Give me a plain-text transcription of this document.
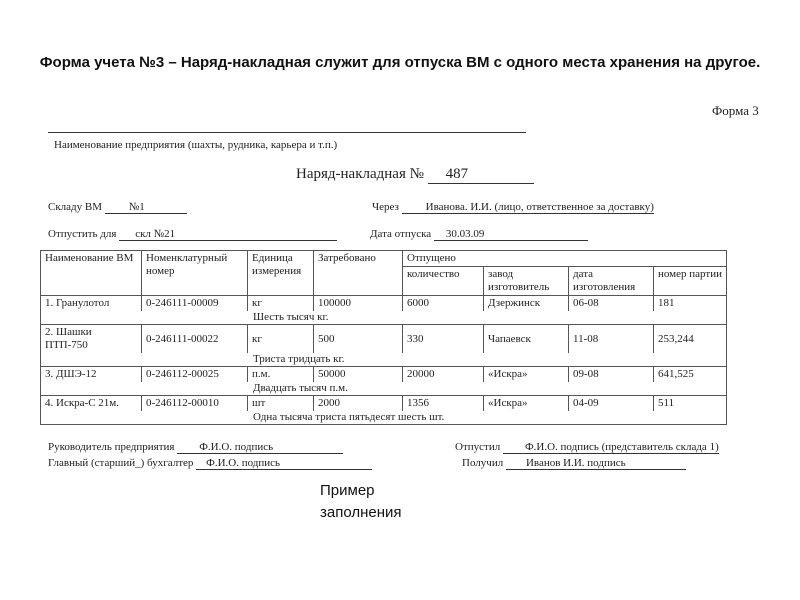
Форма учета №3 – Наряд-накладная служит для отпуска ВМ с одного места хранения на другое.
Форма 3
Наименование предприятия (шахты, рудника, карьера и т.п.)
Наряд-накладная № 487
Складу ВМ №1	Через Иванова. И.И. (лицо, ответственное за доставку)
Отпустить для скл №21	Дата отпуска 30.03.09
Наименование ВМ	Номенклатурный номер	Единица измерения	Затребовано	Отпущено			
				количество	завод изготовитель	дата изготовления	номер партии
1. Гранулотол	0-246111-00009	кг	100000	6000	Дзержинск	06-08	181
Шесть тысяч кг.							
2. Шашки ПТП-750	0-246111-00022	кг	500	330	Чапаевск	11-08	253,244
Триста тридцать кг.							
3. ДШЭ-12	0-246112-00025	п.м.	50000	20000	«Искра»	09-08	641,525
Двадцать тысяч п.м.							
4. Искра-С 21м.	0-246112-00010	шт	2000	1356	«Искра»	04-09	511
Одна тысяча триста пятьдесят шесть шт.							
Руководитель предприятия Ф.И.О. подпись	Отпустил Ф.И.О. подпись (представитель склада 1)
Главный (старший_) бухгалтер Ф.И.О. подпись	Получил Иванов И.И. подпись
Пример заполнения
